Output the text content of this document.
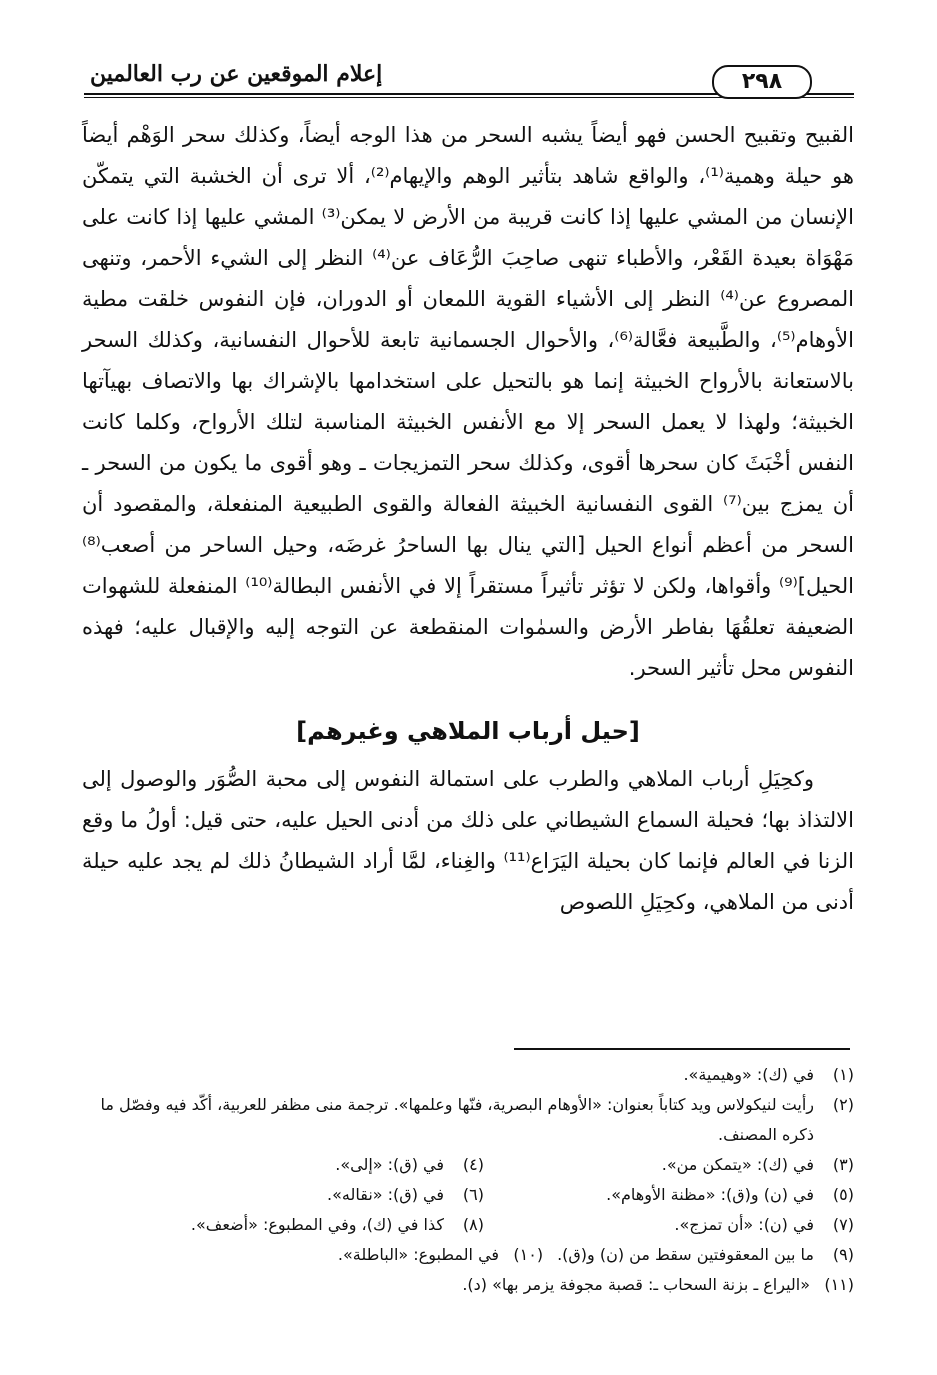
٢٩٨
إعلام الموقعين عن رب العالمين

القبيح وتقبيح الحسن فهو أيضاً يشبه السحر من هذا الوجه أيضاً، وكذلك سحر الوَهْم أيضاً هو حيلة وهمية⁽¹⁾، والواقع شاهد بتأثير الوهم والإيهام⁽²⁾، ألا ترى أن الخشبة التي يتمكّن الإنسان من المشي عليها إذا كانت قريبة من الأرض لا يمكن⁽³⁾ المشي عليها إذا كانت على مَهْوَاة بعيدة القَعْر، والأطباء تنهى صاحِبَ الرُّعَاف عن⁽⁴⁾ النظر إلى الشيء الأحمر، وتنهى المصروع عن⁽⁴⁾ النظر إلى الأشياء القوية اللمعان أو الدوران، فإن النفوس خلقت مطية الأوهام⁽⁵⁾، والطَّبيعة فعَّالة⁽⁶⁾، والأحوال الجسمانية تابعة للأحوال النفسانية، وكذلك السحر بالاستعانة بالأرواح الخبيثة إنما هو بالتحيل على استخدامها بالإشراك بها والاتصاف بهيآتها الخبيثة؛ ولهذا لا يعمل السحر إلا مع الأنفس الخبيثة المناسبة لتلك الأرواح، وكلما كانت النفس أخْبَثَ كان سحرها أقوى، وكذلك سحر التمزيجات ـ وهو أقوى ما يكون من السحر ـ أن يمزج بين⁽⁷⁾ القوى النفسانية الخبيثة الفعالة والقوى الطبيعية المنفعلة، والمقصود أن السحر من أعظم أنواع الحيل [التي ينال بها الساحرُ غرضَه، وحيل الساحر من أصعب⁽⁸⁾ الحيل]⁽⁹⁾ وأقواها، ولكن لا تؤثر تأثيراً مستقراً إلا في الأنفس البطالة⁽¹⁰⁾ المنفعلة للشهوات الضعيفة تعلقُهَا بفاطر الأرض والسمٰوات المنقطعة عن التوجه إليه والإقبال عليه؛ فهذه النفوس محل تأثير السحر.

[حيل أرباب الملاهي وغيرهم]

وكحِيَلِ أرباب الملاهي والطرب على استمالة النفوس إلى محبة الصُّوَر والوصول إلى الالتذاذ بها؛ فحيلة السماع الشيطاني على ذلك من أدنى الحيل عليه، حتى قيل: أولُ ما وقع الزنا في العالم فإنما كان بحيلة اليَرَاع⁽¹¹⁾ والغِناء، لمَّا أراد الشيطانُ ذلك لم يجد عليه حيلة أدنى من الملاهي، وكحِيَلِ اللصوص

(١)
في (ك): «وهيمية».
(٢)
رأيت لنيكولاس ويد كتاباً بعنوان: «الأوهام البصرية، فنّها وعلمها». ترجمة منى مظفر للعربية، أكّد فيه وفصّل ما ذكره المصنف.
(٣)
في (ك): «يتمكن من».
(٤)
في (ق): «إلى».
(٥)
في (ن) و(ق): «مظنة الأوهام».
(٦)
في (ق): «نقاله».
(٧)
في (ن): «أن تمزج».
(٨)
كذا في (ك)، وفي المطبوع: «أضعف».
(٩)
ما بين المعقوفتين سقط من (ن) و(ق).
(١٠)
في المطبوع: «الباطلة».
(١١)
«اليراع ـ بزنة السحاب ـ: قصبة مجوفة يزمر بها» (د).
